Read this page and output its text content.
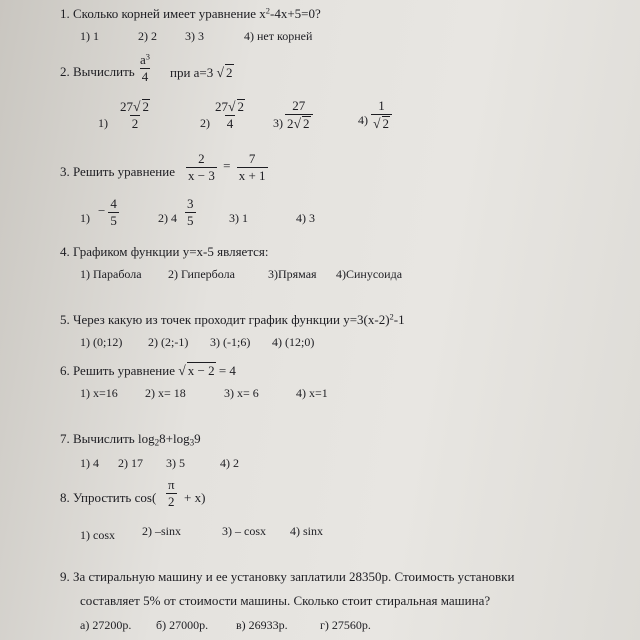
1. Сколько корней имеет уравнение $x^2-4x+5=0$?
1) 1	2) 2 3) 3	4) нет корней
2. Вычислить $\frac{a^3}{4}$ при a=3 √ 2
$1) \frac{27√ 2}{2}$	$2) \frac{27√ 2}{4} 3) \frac{27}{2√ 2}$	$4) \frac{1}{√ 2}$
3. Решить уравнение $\frac{2}{x - 3} = \frac{7}{x + 1}$
$1) - \frac{4}{5}$	2) $4 \frac{3}{5}$	3) 1	4) 3
4. Графиком функции y=x-5 является:
1) Парабола 2) Гипербола	3)Прямая 4)Синусоида
5. Через какую из точек проходит график функции $y=3(x-2)^2-1$
1) (0;12) 2) (2;-1) 3) (-1;6) 4) (12;0)
6. Решить уравнение √ x − 2 = 4
1) x=16 2) x= 18	3) x= 6	4) x=1
7. Вычислить $\log_28+\log_39$
1) 4 2) 17 3) 5	4) 2
8. Упростить $\cos( \frac{\pi}{2} + x)$
1) cosx 2) –sinx	3) – cosx 4) sinx
9. За стиральную машину и ее установку заплатили 28350р. Стоимость установки
составляет 5% от стоимости машины. Сколько стоит стиральная машина?
а) 27200р. б) 27000р. в) 26933р.	г) 27560р.
